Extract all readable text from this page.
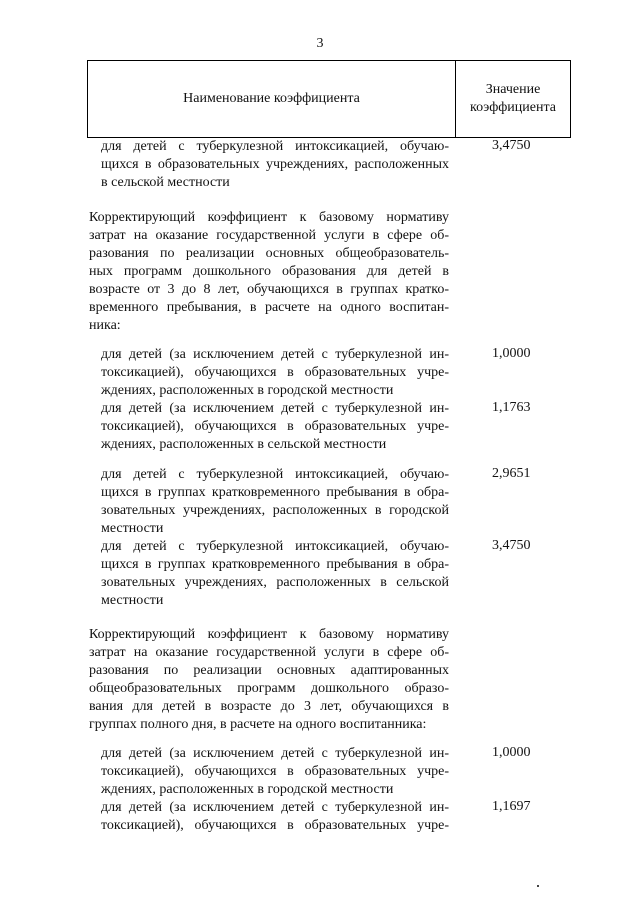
3
Наименование коэффициента
Значение
коэффициента
для детей с туберкулезной интоксикацией, обучаю-
щихся в образовательных учреждениях, расположенных
в сельской местности
3,4750
Корректирующий коэффициент к базовому нормативу
затрат на оказание государственной услуги в сфере об-
разования по реализации основных общеобразователь-
ных программ дошкольного образования для детей в
возрасте от 3 до 8 лет, обучающихся в группах кратко-
временного пребывания, в расчете на одного воспитан-
ника:
для детей (за исключением детей с туберкулезной ин-
токсикацией), обучающихся в образовательных учре-
ждениях, расположенных в городской местности
1,0000
для детей (за исключением детей с туберкулезной ин-
токсикацией), обучающихся в образовательных учре-
ждениях, расположенных в сельской местности
1,1763
для детей с туберкулезной интоксикацией, обучаю-
щихся в группах кратковременного пребывания в обра-
зовательных учреждениях, расположенных в городской
местности
2,9651
для детей с туберкулезной интоксикацией, обучаю-
щихся в группах кратковременного пребывания в обра-
зовательных учреждениях, расположенных в сельской
местности
3,4750
Корректирующий коэффициент к базовому нормативу
затрат на оказание государственной услуги в сфере об-
разования по реализации основных адаптированных
общеобразовательных программ дошкольного образо-
вания для детей в возрасте до 3 лет, обучающихся в
группах полного дня, в расчете на одного воспитанника:
для детей (за исключением детей с туберкулезной ин-
токсикацией), обучающихся в образовательных учре-
ждениях, расположенных в городской местности
1,0000
для детей (за исключением детей с туберкулезной ин-
токсикацией), обучающихся в образовательных учре-
1,1697
